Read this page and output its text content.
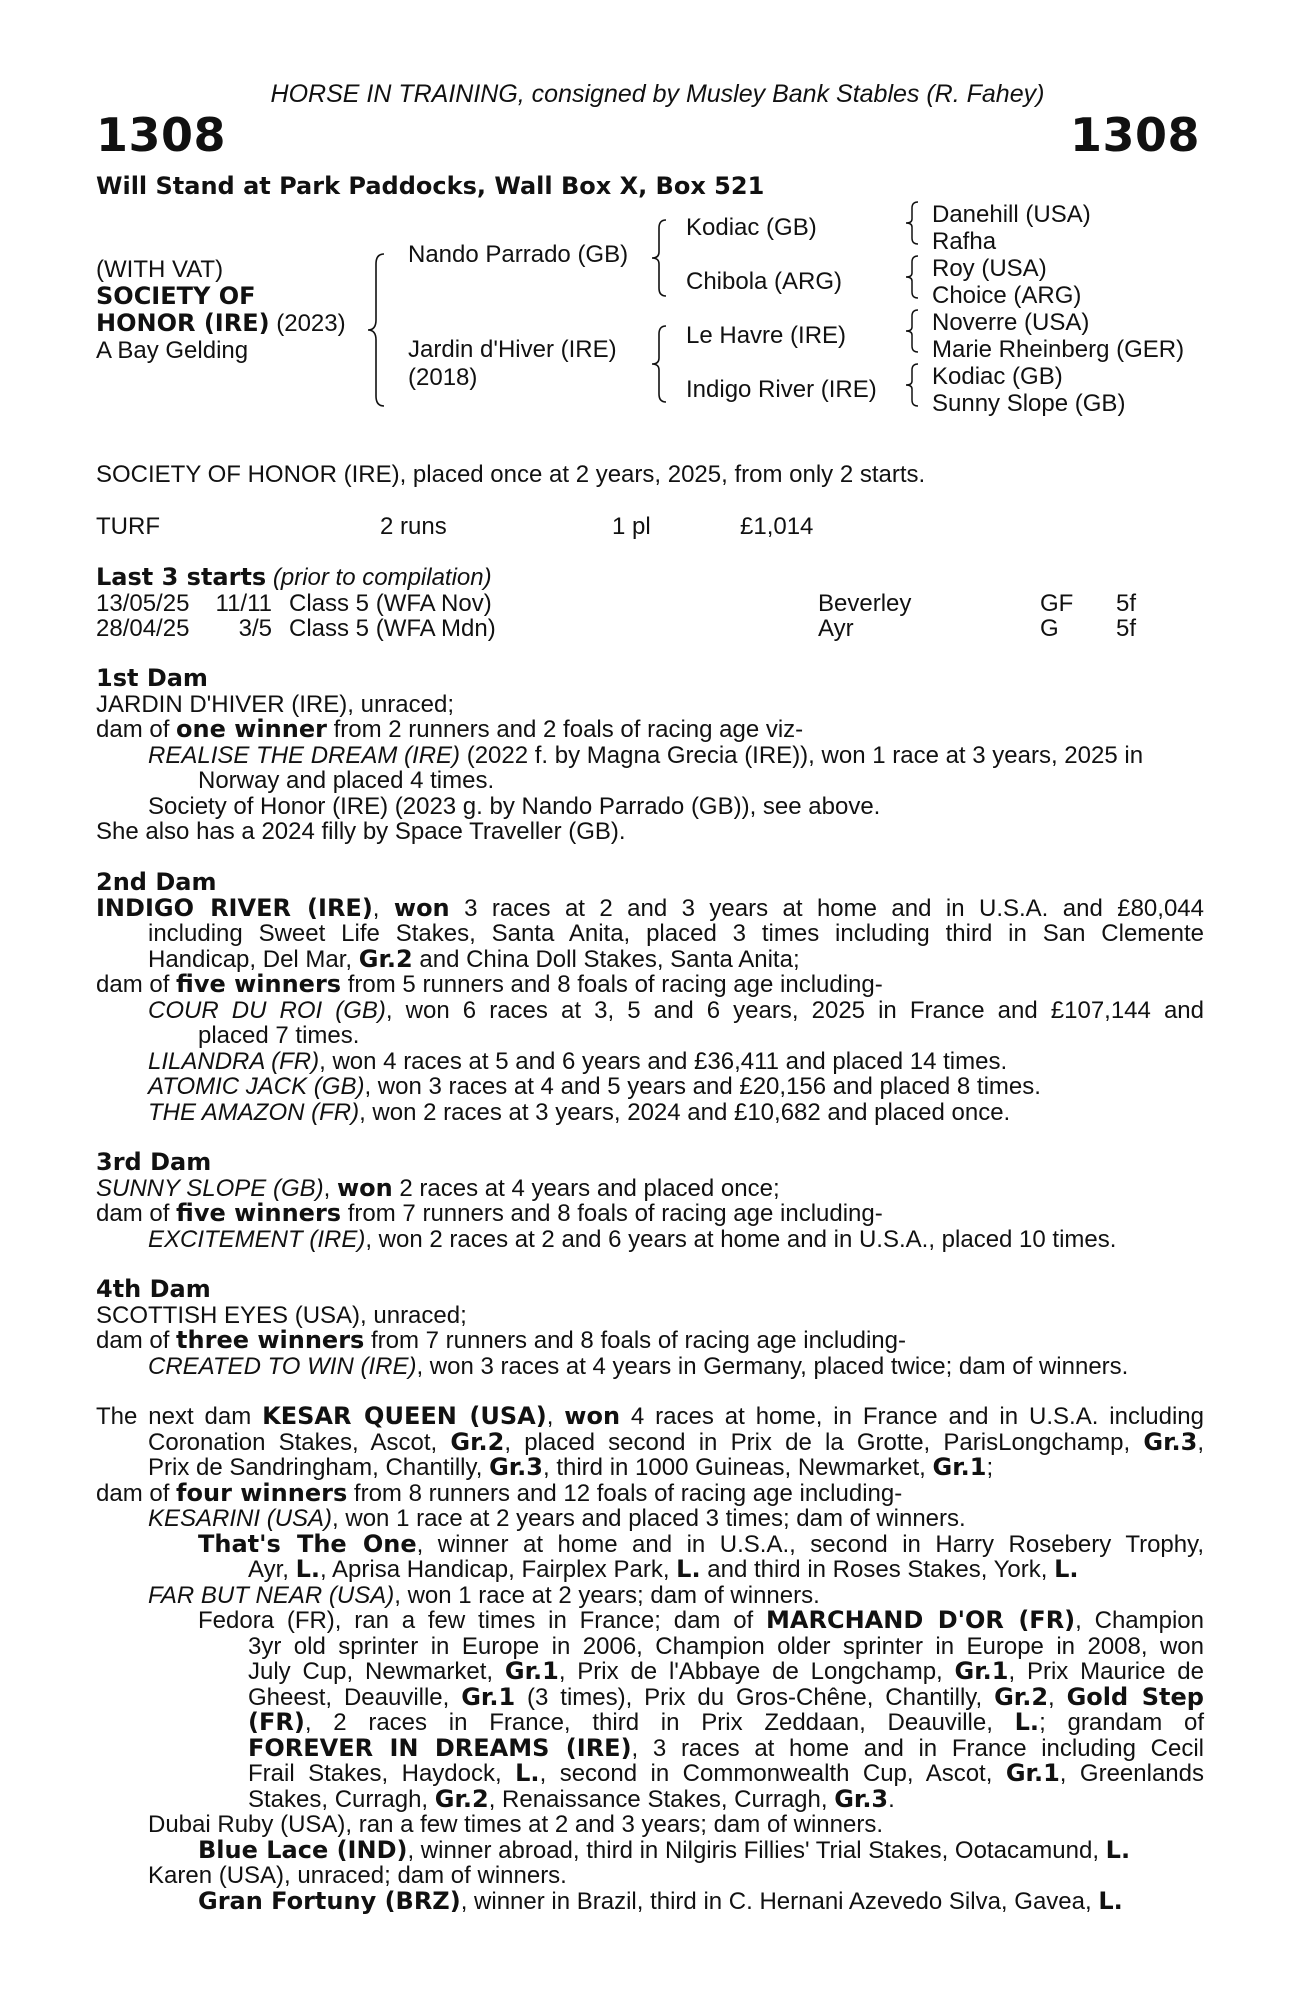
HORSE IN TRAINING, consigned by Musley Bank Stables (R. Fahey)
1308	1308
Will Stand at Park Paddocks, Wall Box X, Box 521
(WITH VAT)
SOCIETY OF
HONOR (IRE) (2023)
A Bay Gelding
Nando Parrado (GB)
Jardin d'Hiver (IRE)
(2018)
Kodiac (GB)
Chibola (ARG)
Le Havre (IRE)
Indigo River (IRE)
Danehill (USA)
Rafha
Roy (USA)
Choice (ARG)
Noverre (USA)
Marie Rheinberg (GER)
Kodiac (GB)
Sunny Slope (GB)
SOCIETY OF HONOR (IRE), placed once at 2 years, 2025, from only 2 starts.
TURF	2 runs	1 pl	£1,014
Last 3 starts (prior to compilation)
13/05/25	11/11 Class 5 (WFA Nov)	Beverley	GF 5f
28/04/25	3/5 Class 5 (WFA Mdn)	Ayr	G 5f
1st Dam
JARDIN D'HIVER (IRE), unraced;
dam of one winner from 2 runners and 2 foals of racing age viz-
REALISE THE DREAM (IRE) (2022 f. by Magna Grecia (IRE)), won 1 race at 3 years, 2025 in
Norway and placed 4 times.
Society of Honor (IRE) (2023 g. by Nando Parrado (GB)), see above.
She also has a 2024 filly by Space Traveller (GB).
2nd Dam
INDIGO RIVER (IRE), won 3 races at 2 and 3 years at home and in U.S.A. and £80,044
including Sweet Life Stakes, Santa Anita, placed 3 times including third in San Clemente
Handicap, Del Mar, Gr.2 and China Doll Stakes, Santa Anita;
dam of five winners from 5 runners and 8 foals of racing age including-
COUR DU ROI (GB), won 6 races at 3, 5 and 6 years, 2025 in France and £107,144 and
placed 7 times.
LILANDRA (FR), won 4 races at 5 and 6 years and £36,411 and placed 14 times.
ATOMIC JACK (GB), won 3 races at 4 and 5 years and £20,156 and placed 8 times.
THE AMAZON (FR), won 2 races at 3 years, 2024 and £10,682 and placed once.
3rd Dam
SUNNY SLOPE (GB), won 2 races at 4 years and placed once;
dam of five winners from 7 runners and 8 foals of racing age including-
EXCITEMENT (IRE), won 2 races at 2 and 6 years at home and in U.S.A., placed 10 times.
4th Dam
SCOTTISH EYES (USA), unraced;
dam of three winners from 7 runners and 8 foals of racing age including-
CREATED TO WIN (IRE), won 3 races at 4 years in Germany, placed twice; dam of winners.
The next dam KESAR QUEEN (USA), won 4 races at home, in France and in U.S.A. including
Coronation Stakes, Ascot, Gr.2, placed second in Prix de la Grotte, ParisLongchamp, Gr.3,
Prix de Sandringham, Chantilly, Gr.3, third in 1000 Guineas, Newmarket, Gr.1;
dam of four winners from 8 runners and 12 foals of racing age including-
KESARINI (USA), won 1 race at 2 years and placed 3 times; dam of winners.
That's The One, winner at home and in U.S.A., second in Harry Rosebery Trophy,
Ayr, L., Aprisa Handicap, Fairplex Park, L. and third in Roses Stakes, York, L.
FAR BUT NEAR (USA), won 1 race at 2 years; dam of winners.
Fedora (FR), ran a few times in France; dam of MARCHAND D'OR (FR), Champion
3yr old sprinter in Europe in 2006, Champion older sprinter in Europe in 2008, won
July Cup, Newmarket, Gr.1, Prix de l'Abbaye de Longchamp, Gr.1, Prix Maurice de
Gheest, Deauville, Gr.1 (3 times), Prix du Gros-Chêne, Chantilly, Gr.2, Gold Step
(FR), 2 races in France, third in Prix Zeddaan, Deauville, L.; grandam of
FOREVER IN DREAMS (IRE), 3 races at home and in France including Cecil
Frail Stakes, Haydock, L., second in Commonwealth Cup, Ascot, Gr.1, Greenlands
Stakes, Curragh, Gr.2, Renaissance Stakes, Curragh, Gr.3.
Dubai Ruby (USA), ran a few times at 2 and 3 years; dam of winners.
Blue Lace (IND), winner abroad, third in Nilgiris Fillies' Trial Stakes, Ootacamund, L.
Karen (USA), unraced; dam of winners.
Gran Fortuny (BRZ), winner in Brazil, third in C. Hernani Azevedo Silva, Gavea, L.
